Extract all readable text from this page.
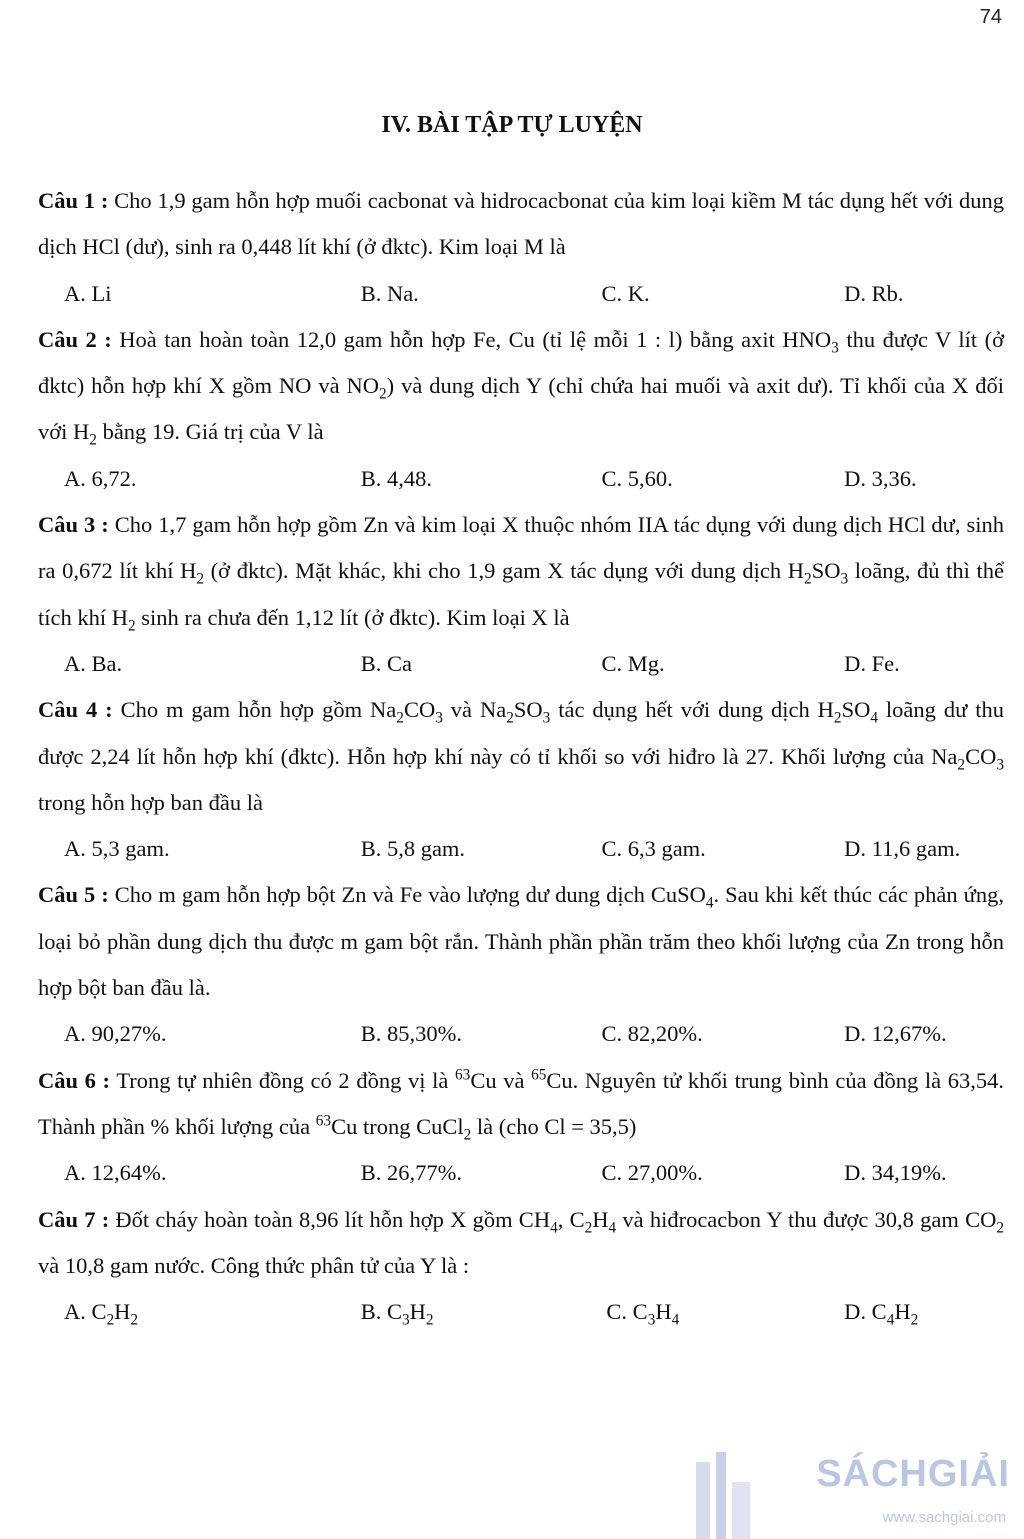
74
IV. BÀI TẬP TỰ LUYỆN

Câu 1 : Cho 1,9 gam hỗn hợp muối cacbonat và hidrocacbonat của kim loại kiềm M tác dụng hết với dung dịch HCl (dư), sinh ra 0,448 lít khí (ở đktc). Kim loại M là

A. Li	B. Na.	C. K.	D. Rb.

Câu 2 : Hoà tan hoàn toàn 12,0 gam hỗn hợp Fe, Cu (tỉ lệ mỗi 1 : l) bằng axit $HNO_3$ thu được V lít (ở đktc) hỗn hợp khí X gồm NO và $NO_2$) và dung dịch Y (chỉ chứa hai muối và axit dư). Tỉ khối của X đối với $H_2$ bằng 19. Giá trị của V là

A. 6,72.	B. 4,48.	C. 5,60.	D. 3,36.

Câu 3 : Cho 1,7 gam hỗn hợp gồm Zn và kim loại X thuộc nhóm IIA tác dụng với dung dịch HCl dư, sinh ra 0,672 lít khí $H_2$ (ở đktc). Mặt khác, khi cho 1,9 gam X tác dụng với dung dịch $H_2SO_3$ loãng, đủ thì thể tích khí $H_2$ sinh ra chưa đến 1,12 lít (ở đktc). Kim loại X là

A. Ba.	B. Ca	C. Mg.	D. Fe.

Câu 4 : Cho m gam hỗn hợp gồm $Na_2CO_3$ và $Na_2SO_3$ tác dụng hết với dung dịch $H_2SO_4$ loãng dư thu được 2,24 lít hỗn hợp khí (đktc). Hỗn hợp khí này có tỉ khối so với hiđro là 27. Khối lượng của $Na_2CO_3$ trong hỗn hợp ban đầu là

A. 5,3 gam.	B. 5,8 gam.	C. 6,3 gam.	D. 11,6 gam.

Câu 5 : Cho m gam hỗn hợp bột Zn và Fe vào lượng dư dung dịch CuSO$_4$. Sau khi kết thúc các phản ứng, loại bỏ phần dung dịch thu được m gam bột rắn. Thành phần phần trăm theo khối lượng của Zn trong hỗn hợp bột ban đầu là.

A. 90,27%.	B. 85,30%.	C. 82,20%.	D. 12,67%.

Câu 6 : Trong tự nhiên đồng có 2 đồng vị là $^{63}$Cu và $^{65}$Cu. Nguyên tử khối trung bình của đồng là 63,54. Thành phần % khối lượng của $^{63}$Cu trong CuCl$_2$ là (cho Cl = 35,5)

A. 12,64%.	B. 26,77%.	C. 27,00%.	D. 34,19%.

Câu 7 : Đốt cháy hoàn toàn 8,96 lít hỗn hợp X gồm $CH_4$, $C_2H_4$ và hiđrocacbon Y thu được 30,8 gam $CO_2$ và 10,8 gam nước. Công thức phân tử của Y là :

A. $C_2H_2$	B. $C_3H_2$	C. $C_3H_4$	D. $C_4H_2$
SÁCHGIẢI
www.sachgiai.com
